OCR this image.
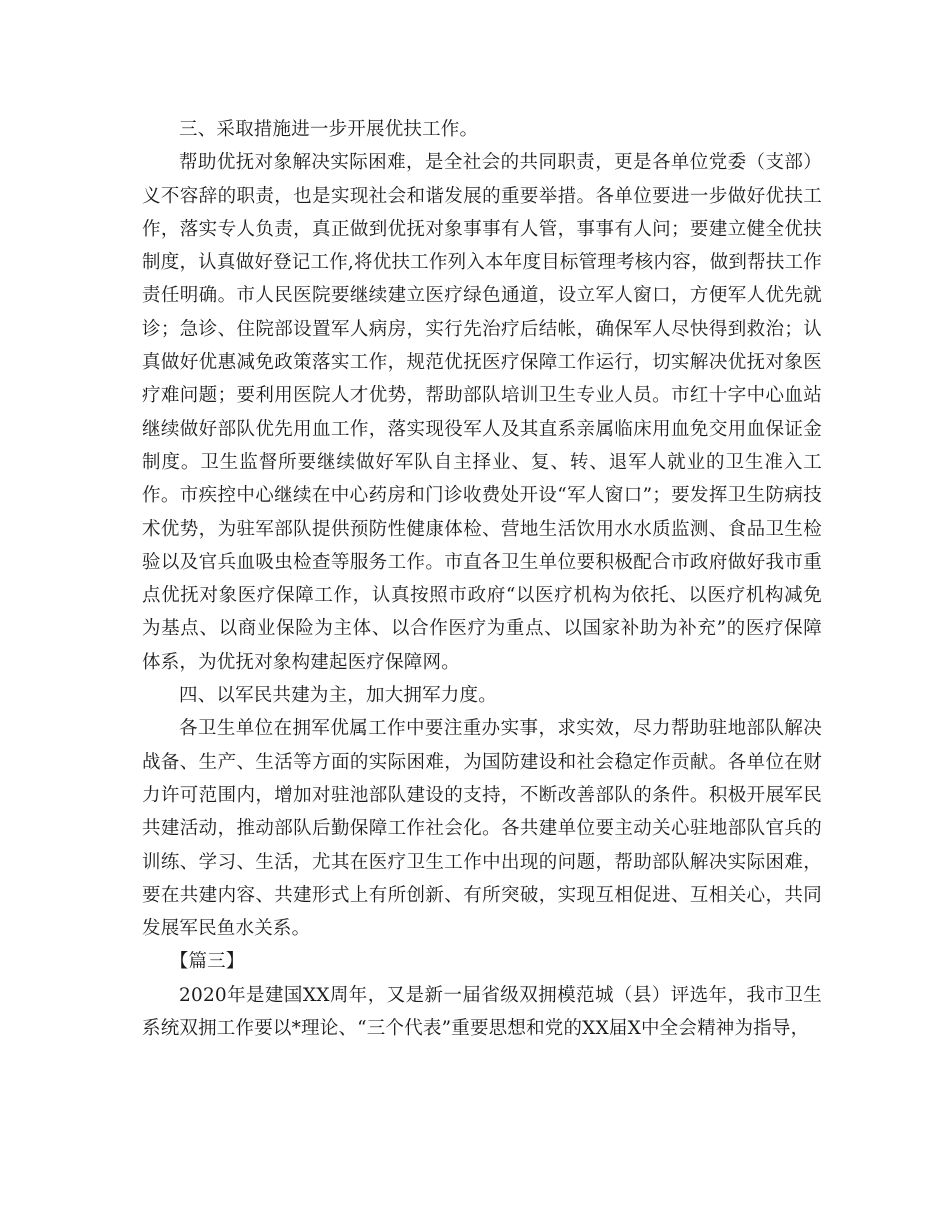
三、采取措施进一步开展优扶工作。

帮助优抚对象解决实际困难，是全社会的共同职责，更是各单位党委（支部）义不容辞的职责，也是实现社会和谐发展的重要举措。各单位要进一步做好优扶工作，落实专人负责，真正做到优抚对象事事有人管，事事有人问；要建立健全优扶制度，认真做好登记工作,将优扶工作列入本年度目标管理考核内容，做到帮扶工作责任明确。市人民医院要继续建立医疗绿色通道，设立军人窗口，方便军人优先就诊；急诊、住院部设置军人病房，实行先治疗后结帐，确保军人尽快得到救治；认真做好优惠减免政策落实工作，规范优抚医疗保障工作运行，切实解决优抚对象医疗难问题；要利用医院人才优势，帮助部队培训卫生专业人员。市红十字中心血站继续做好部队优先用血工作，落实现役军人及其直系亲属临床用血免交用血保证金制度。卫生监督所要继续做好军队自主择业、复、转、退军人就业的卫生准入工作。市疾控中心继续在中心药房和门诊收费处开设“军人窗口”；要发挥卫生防病技术优势，为驻军部队提供预防性健康体检、营地生活饮用水水质监测、食品卫生检验以及官兵血吸虫检查等服务工作。市直各卫生单位要积极配合市政府做好我市重点优抚对象医疗保障工作，认真按照市政府“以医疗机构为依托、以医疗机构减免为基点、以商业保险为主体、以合作医疗为重点、以国家补助为补充”的医疗保障体系，为优抚对象构建起医疗保障网。

四、以军民共建为主，加大拥军力度。

各卫生单位在拥军优属工作中要注重办实事，求实效，尽力帮助驻地部队解决战备、生产、生活等方面的实际困难，为国防建设和社会稳定作贡献。各单位在财力许可范围内，增加对驻池部队建设的支持，不断改善部队的条件。积极开展军民共建活动，推动部队后勤保障工作社会化。各共建单位要主动关心驻地部队官兵的训练、学习、生活，尤其在医疗卫生工作中出现的问题，帮助部队解决实际困难，要在共建内容、共建形式上有所创新、有所突破，实现互相促进、互相关心，共同发展军民鱼水关系。

【篇三】

2020年是建国XX周年，又是新一届省级双拥模范城（县）评选年，我市卫生系统双拥工作要以*理论、“三个代表”重要思想和党的XX届X中全会精神为指导，
